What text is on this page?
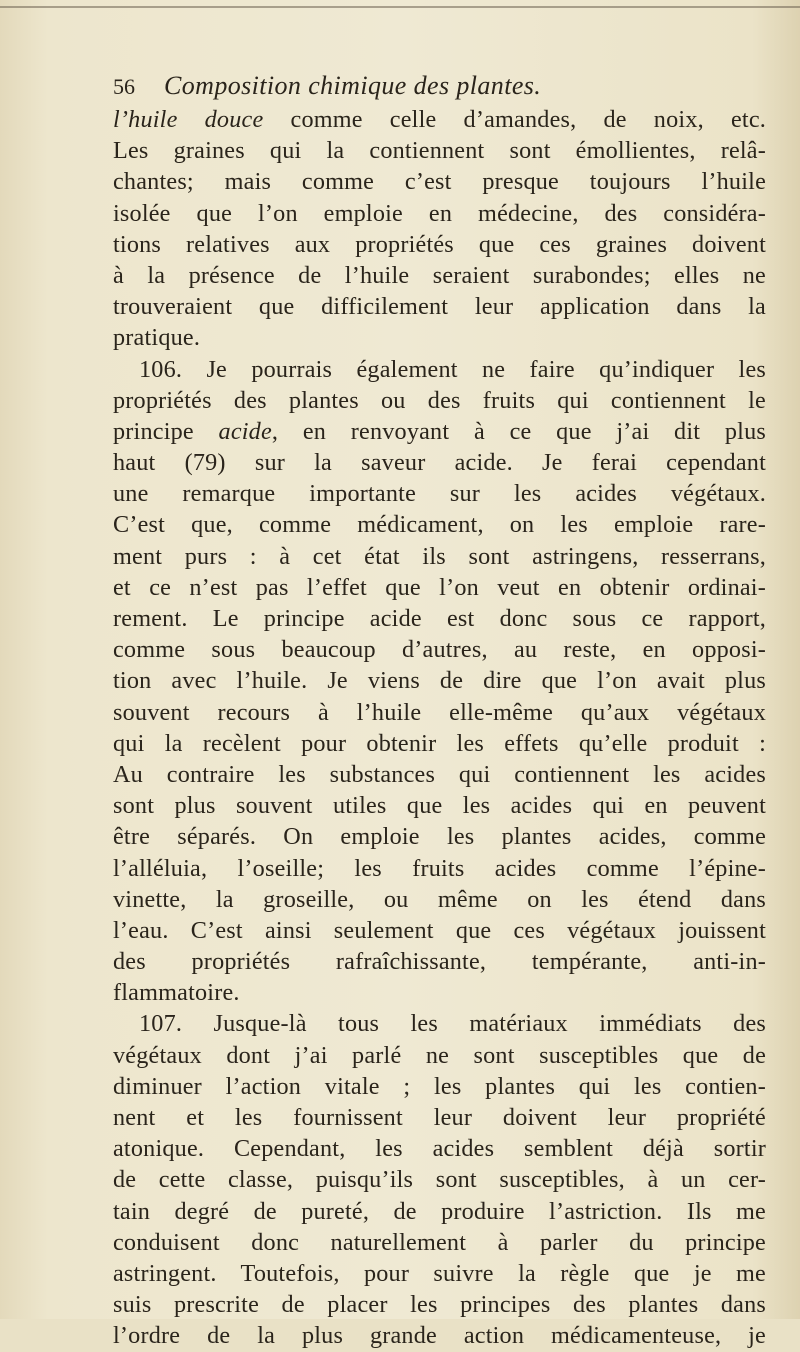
56 Composition chimique des plantes.
l’huile douce comme celle d’amandes, de noix, etc.
Les graines qui la contiennent sont émollientes, relâ-
chantes; mais comme c’est presque toujours l’huile
isolée que l’on emploie en médecine, des considéra-
tions relatives aux propriétés que ces graines doivent
à la présence de l’huile seraient surabondes; elles ne
trouveraient que difficilement leur application dans la
pratique.
106. Je pourrais également ne faire qu’indiquer les
propriétés des plantes ou des fruits qui contiennent le
principe acide, en renvoyant à ce que j’ai dit plus
haut (79) sur la saveur acide. Je ferai cependant
une remarque importante sur les acides végétaux.
C’est que, comme médicament, on les emploie rare-
ment purs : à cet état ils sont astringens, resserrans,
et ce n’est pas l’effet que l’on veut en obtenir ordinai-
rement. Le principe acide est donc sous ce rapport,
comme sous beaucoup d’autres, au reste, en opposi-
tion avec l’huile. Je viens de dire que l’on avait plus
souvent recours à l’huile elle-même qu’aux végétaux
qui la recèlent pour obtenir les effets qu’elle produit :
Au contraire les substances qui contiennent les acides
sont plus souvent utiles que les acides qui en peuvent
être séparés. On emploie les plantes acides, comme
l’alléluia, l’oseille; les fruits acides comme l’épine-
vinette, la groseille, ou même on les étend dans
l’eau. C’est ainsi seulement que ces végétaux jouissent
des propriétés rafraîchissante, tempérante, anti-in-
flammatoire.
107. Jusque-là tous les matériaux immédiats des
végétaux dont j’ai parlé ne sont susceptibles que de
diminuer l’action vitale ; les plantes qui les contien-
nent et les fournissent leur doivent leur propriété
atonique. Cependant, les acides semblent déjà sortir
de cette classe, puisqu’ils sont susceptibles, à un cer-
tain degré de pureté, de produire l’astriction. Ils me
conduisent donc naturellement à parler du principe
astringent. Toutefois, pour suivre la règle que je me
suis prescrite de placer les principes des plantes dans
l’ordre de la plus grande action médicamenteuse, je
